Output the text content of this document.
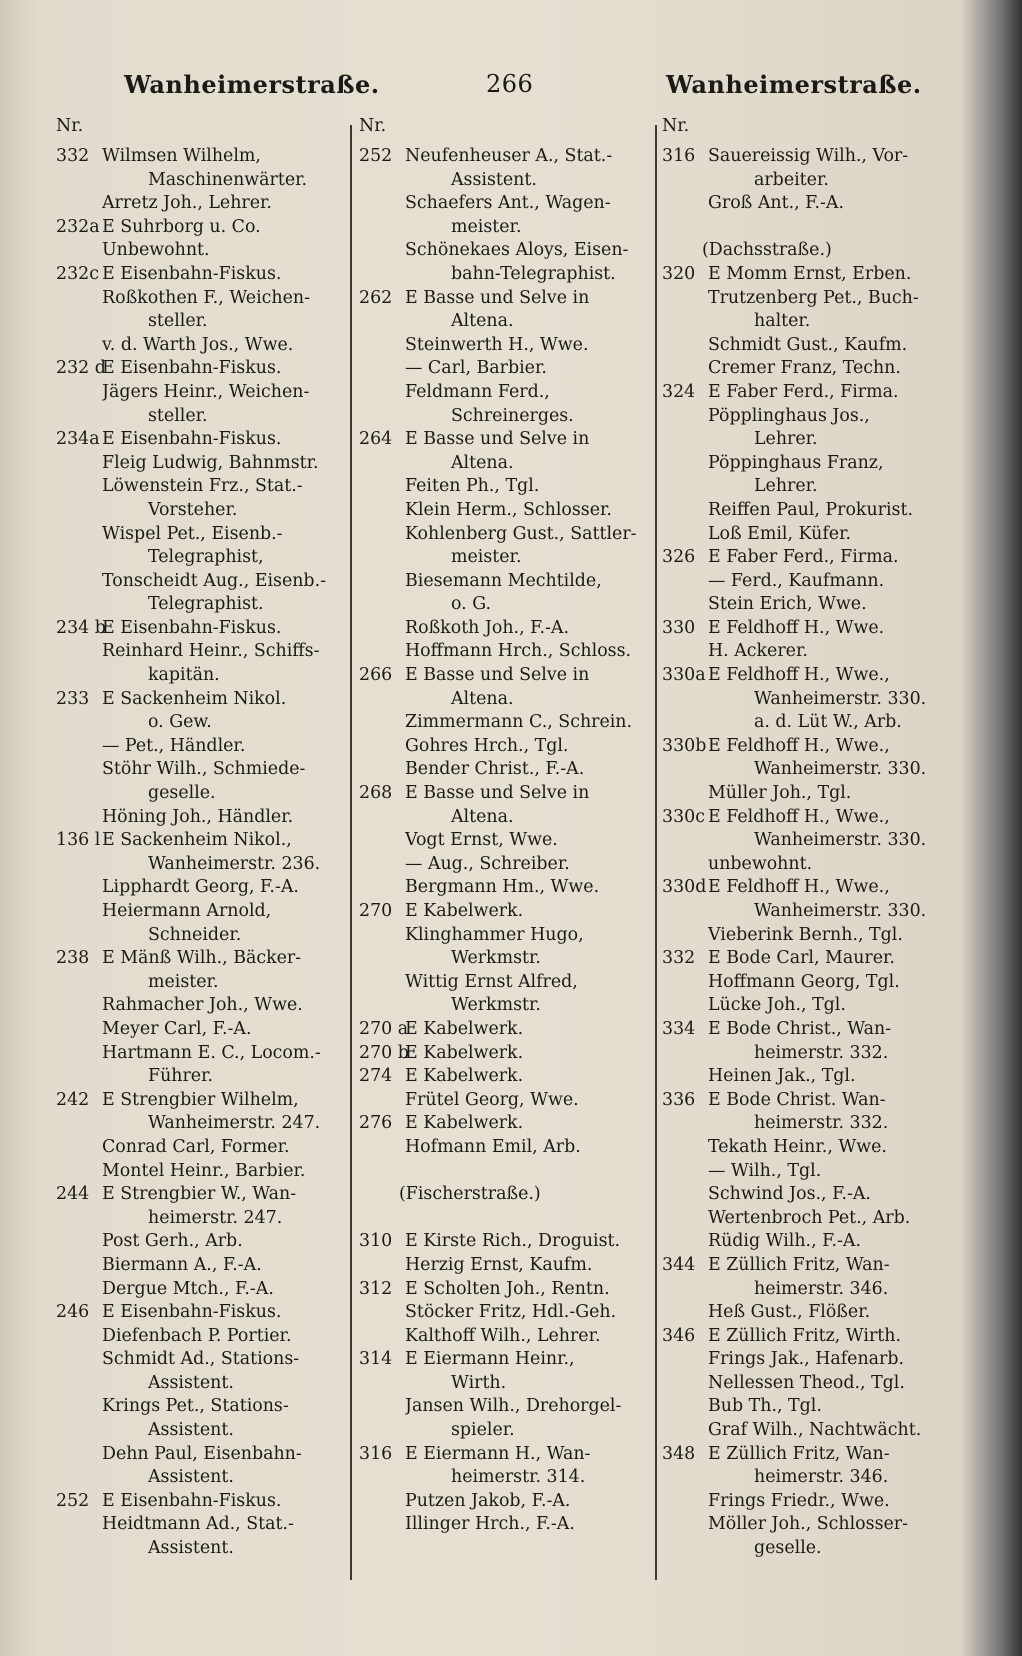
Wanheimerstraße.	266	Wanheimerstraße.
Nr.
332 Wilmsen Wilhelm,
Maschinenwärter.
Arretz Joh., Lehrer.
232a E Suhrborg u. Co.
Unbewohnt.
232c E Eisenbahn-Fiskus.
Roßkothen F., Weichen-
steller.
v. d. Warth Jos., Wwe.
232 d
E Eisenbahn-Fiskus.
Jägers Heinr., Weichen-
steller.
234a E Eisenbahn-Fiskus.
Fleig Ludwig, Bahnmstr.
Löwenstein Frz., Stat.-
Vorsteher.
Wispel Pet., Eisenb.-
Telegraphist,
Tonscheidt Aug., Eisenb.-
Telegraphist.
234 b
E Eisenbahn-Fiskus.
Reinhard Heinr., Schiffs-
kapitän.
233 E Sackenheim Nikol.
o. Gew.
— Pet., Händler.
Stöhr Wilh., Schmiede-
geselle.
Höning Joh., Händler.
136 l E Sackenheim Nikol.,
Wanheimerstr. 236.
Lipphardt Georg, F.-A.
Heiermann Arnold,
Schneider.
238 E Mänß Wilh., Bäcker-
meister.
Rahmacher Joh., Wwe.
Meyer Carl, F.-A.
Hartmann E. C., Locom.-
Führer.
242 E Strengbier Wilhelm,
Wanheimerstr. 247.
Conrad Carl, Former.
Montel Heinr., Barbier.
244 E Strengbier W., Wan-
heimerstr. 247.
Post Gerh., Arb.
Biermann A., F.-A.
Dergue Mtch., F.-A.
246 E Eisenbahn-Fiskus.
Diefenbach P. Portier.
Schmidt Ad., Stations-
Assistent.
Krings Pet., Stations-
Assistent.
Dehn Paul, Eisenbahn-
Assistent.
252 E Eisenbahn-Fiskus.
Heidtmann Ad., Stat.-
Assistent.
Nr.
252 Neufenheuser A., Stat.-
Assistent.
Schaefers Ant., Wagen-
meister.
Schönekaes Aloys, Eisen-
bahn-Telegraphist.
262 E Basse und Selve in
Altena.
Steinwerth H., Wwe.
— Carl, Barbier.
Feldmann Ferd.,
Schreinerges.
264 E Basse und Selve in
Altena.
Feiten Ph., Tgl.
Klein Herm., Schlosser.
Kohlenberg Gust., Sattler-
meister.
Biesemann Mechtilde,
o. G.
Roßkoth Joh., F.-A.
Hoffmann Hrch., Schloss.
266 E Basse und Selve in
Altena.
Zimmermann C., Schrein.
Gohres Hrch., Tgl.
Bender Christ., F.-A.
268 E Basse und Selve in
Altena.
Vogt Ernst, Wwe.
— Aug., Schreiber.
Bergmann Hm., Wwe.
270 E Kabelwerk.
Klinghammer Hugo,
Werkmstr.
Wittig Ernst Alfred,
Werkmstr.
270 a
E Kabelwerk.
270 b
E Kabelwerk.
274 E Kabelwerk.
Frütel Georg, Wwe.
276 E Kabelwerk.
Hofmann Emil, Arb.
(Fischerstraße.)
310 E Kirste Rich., Droguist.
Herzig Ernst, Kaufm.
312 E Scholten Joh., Rentn.
Stöcker Fritz, Hdl.-Geh.
Kalthoff Wilh., Lehrer.
314 E Eiermann Heinr.,
Wirth.
Jansen Wilh., Drehorgel-
spieler.
316 E Eiermann H., Wan-
heimerstr. 314.
Putzen Jakob, F.-A.
Illinger Hrch., F.-A.
Nr.
316 Sauereissig Wilh., Vor-
arbeiter.
Groß Ant., F.-A.
(Dachsstraße.)
320 E Momm Ernst, Erben.
Trutzenberg Pet., Buch-
halter.
Schmidt Gust., Kaufm.
Cremer Franz, Techn.
324 E Faber Ferd., Firma.
Pöpplinghaus Jos.,
Lehrer.
Pöppinghaus Franz,
Lehrer.
Reiffen Paul, Prokurist.
Loß Emil, Küfer.
326 E Faber Ferd., Firma.
— Ferd., Kaufmann.
Stein Erich, Wwe.
330 E Feldhoff H., Wwe.
H. Ackerer.
330a E Feldhoff H., Wwe.,
Wanheimerstr. 330.
a. d. Lüt W., Arb.
330b E Feldhoff H., Wwe.,
Wanheimerstr. 330.
Müller Joh., Tgl.
330c E Feldhoff H., Wwe.,
Wanheimerstr. 330.
unbewohnt.
330d E Feldhoff H., Wwe.,
Wanheimerstr. 330.
Vieberink Bernh., Tgl.
332 E Bode Carl, Maurer.
Hoffmann Georg, Tgl.
Lücke Joh., Tgl.
334 E Bode Christ., Wan-
heimerstr. 332.
Heinen Jak., Tgl.
336 E Bode Christ. Wan-
heimerstr. 332.
Tekath Heinr., Wwe.
— Wilh., Tgl.
Schwind Jos., F.-A.
Wertenbroch Pet., Arb.
Rüdig Wilh., F.-A.
344 E Züllich Fritz, Wan-
heimerstr. 346.
Heß Gust., Flößer.
346 E Züllich Fritz, Wirth.
Frings Jak., Hafenarb.
Nellessen Theod., Tgl.
Bub Th., Tgl.
Graf Wilh., Nachtwächt.
348 E Züllich Fritz, Wan-
heimerstr. 346.
Frings Friedr., Wwe.
Möller Joh., Schlosser-
geselle.
